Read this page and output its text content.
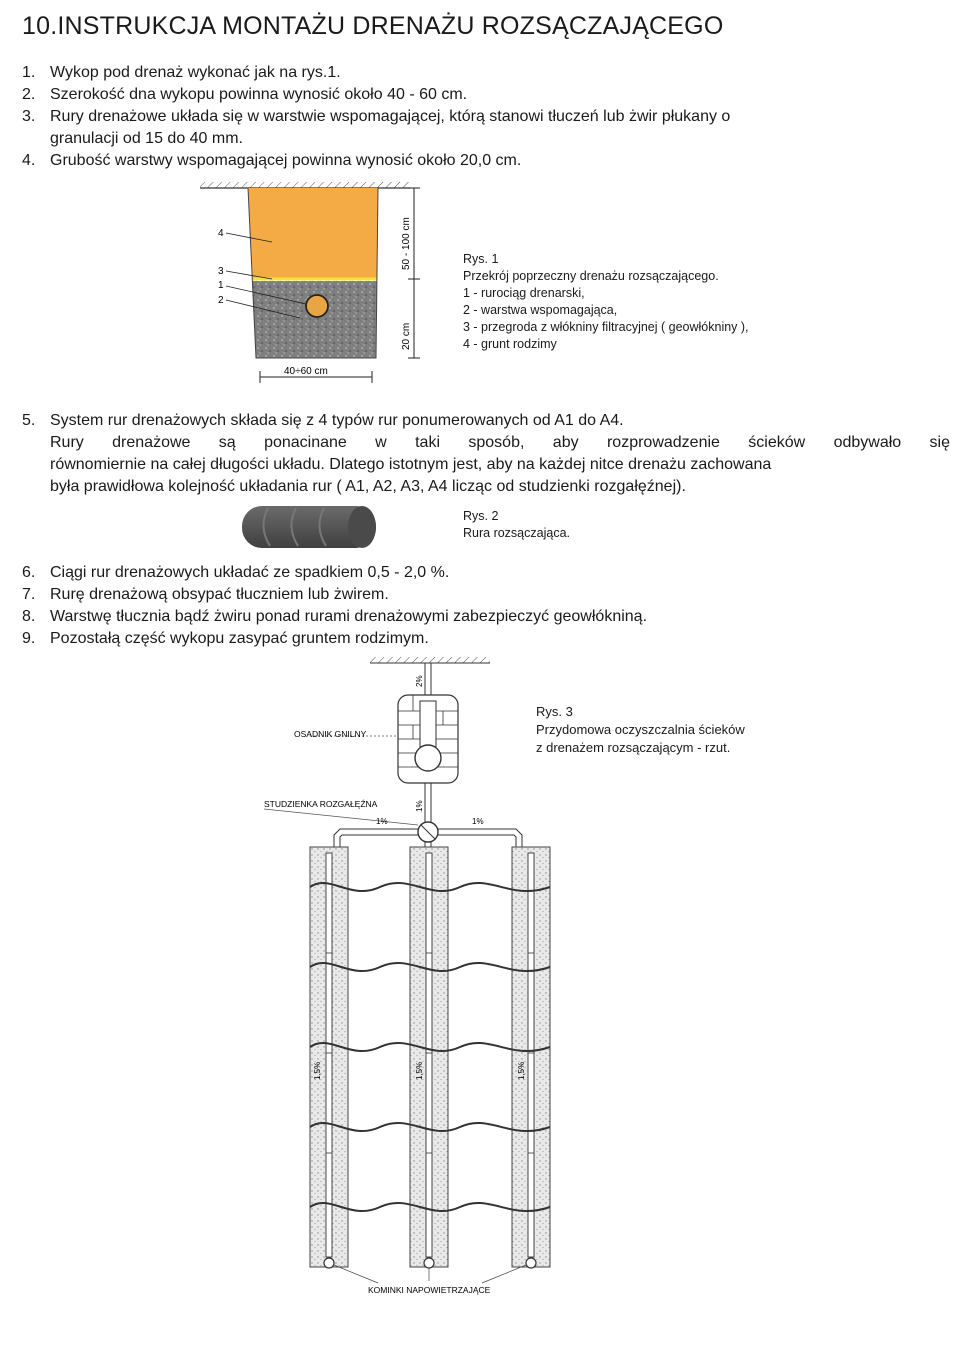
10.INSTRUKCJA MONTAŻU DRENAŻU ROZSĄCZAJĄCEGO
1. Wykop pod drenaż wykonać jak na rys.1.
2. Szerokość dna wykopu powinna wynosić około 40 - 60 cm.
3. Rury drenażowe układa się w warstwie wspomagającej, którą stanowi tłuczeń lub żwir płukany o
granulacji od 15 do 40 mm.
4. Grubość warstwy wspomagającej powinna wynosić około 20,0 cm.
4
3
1
2
50 - 100 cm
20 cm
40÷60 cm
Rys. 1
Przekrój poprzeczny drenażu rozsączającego.
1 - rurociąg drenarski,
2 - warstwa wspomagająca,
3 - przegroda z włókniny filtracyjnej ( geowłókniny ),
4 - grunt rodzimy
5. System rur drenażowych składa się z 4 typów rur ponumerowanych od A1 do A4.
Rury drenażowe są ponacinane w taki sposób, aby rozprowadzenie ścieków odbywało się
równomiernie na całej długości układu. Dlatego istotnym jest, aby na każdej nitce drenażu zachowana
była prawidłowa kolejność układania rur ( A1, A2, A3, A4 licząc od studzienki rozgałęźnej).
Rys. 2
Rura rozsączająca.
6. Ciągi rur drenażowych układać ze spadkiem 0,5 - 2,0 %.
7. Rurę drenażową obsypać tłuczniem lub żwirem.
8. Warstwę tłucznia bądź żwiru ponad rurami drenażowymi zabezpieczyć geowłókniną.
9. Pozostałą część wykopu zasypać gruntem rodzimym.
2%
OSADNIK GNILNY
1%
STUDZIENKA ROZGAŁĘŹNA
1%	1%
1,5%	1,5%	1,5%
KOMINKI NAPOWIETRZAJĄCE
Rys. 3
Przydomowa oczyszczalnia ścieków
z drenażem rozsączającym - rzut.
